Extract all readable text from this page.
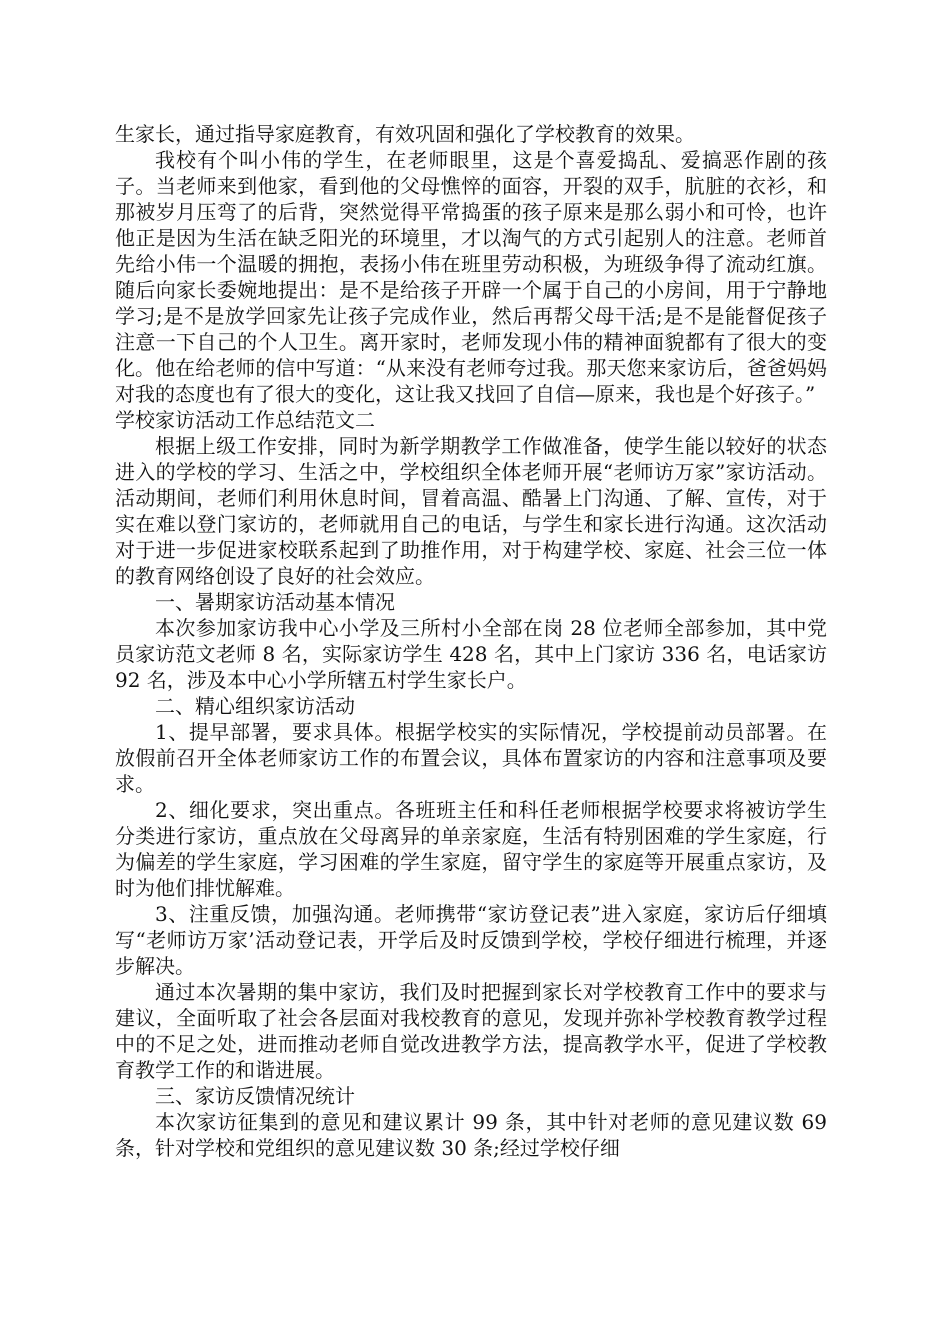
生家长，通过指导家庭教育，有效巩固和强化了学校教育的效果。

我校有个叫小伟的学生，在老师眼里，这是个喜爱捣乱、爱搞恶作剧的孩子。当老师来到他家，看到他的父母憔悴的面容，开裂的双手，肮脏的衣衫，和那被岁月压弯了的后背，突然觉得平常捣蛋的孩子原来是那么弱小和可怜，也许他正是因为生活在缺乏阳光的环境里，才以淘气的方式引起别人的注意。老师首先给小伟一个温暖的拥抱，表扬小伟在班里劳动积极，为班级争得了流动红旗。随后向家长委婉地提出：是不是给孩子开辟一个属于自己的小房间，用于宁静地学习;是不是放学回家先让孩子完成作业，然后再帮父母干活;是不是能督促孩子注意一下自己的个人卫生。离开家时，老师发现小伟的精神面貌都有了很大的变化。他在给老师的信中写道：“从来没有老师夸过我。那天您来家访后，爸爸妈妈对我的态度也有了很大的变化，这让我又找回了自信—原来，我也是个好孩子。”

学校家访活动工作总结范文二

根据上级工作安排，同时为新学期教学工作做准备，使学生能以较好的状态进入的学校的学习、生活之中，学校组织全体老师开展“老师访万家”家访活动。活动期间，老师们利用休息时间，冒着高温、酷暑上门沟通、了解、宣传，对于实在难以登门家访的，老师就用自己的电话，与学生和家长进行沟通。这次活动对于进一步促进家校联系起到了助推作用，对于构建学校、家庭、社会三位一体的教育网络创设了良好的社会效应。

一、暑期家访活动基本情况

本次参加家访我中心小学及三所村小全部在岗 28 位老师全部参加，其中党员家访范文老师 8 名，实际家访学生 428 名，其中上门家访 336 名，电话家访 92 名，涉及本中心小学所辖五村学生家长户。

二、精心组织家访活动

1、提早部署，要求具体。根据学校实的实际情况，学校提前动员部署。在放假前召开全体老师家访工作的布置会议，具体布置家访的内容和注意事项及要求。

2、细化要求，突出重点。各班班主任和科任老师根据学校要求将被访学生分类进行家访，重点放在父母离异的单亲家庭，生活有特别困难的学生家庭，行为偏差的学生家庭，学习困难的学生家庭，留守学生的家庭等开展重点家访，及时为他们排忧解难。

3、注重反馈，加强沟通。老师携带“家访登记表”进入家庭，家访后仔细填写“老师访万家’活动登记表，开学后及时反馈到学校，学校仔细进行梳理，并逐步解决。

通过本次暑期的集中家访，我们及时把握到家长对学校教育工作中的要求与建议，全面听取了社会各层面对我校教育的意见，发现并弥补学校教育教学过程中的不足之处，进而推动老师自觉改进教学方法，提高教学水平，促进了学校教育教学工作的和谐进展。

三、家访反馈情况统计

本次家访征集到的意见和建议累计 99 条，其中针对老师的意见建议数 69 条，针对学校和党组织的意见建议数 30 条;经过学校仔细
